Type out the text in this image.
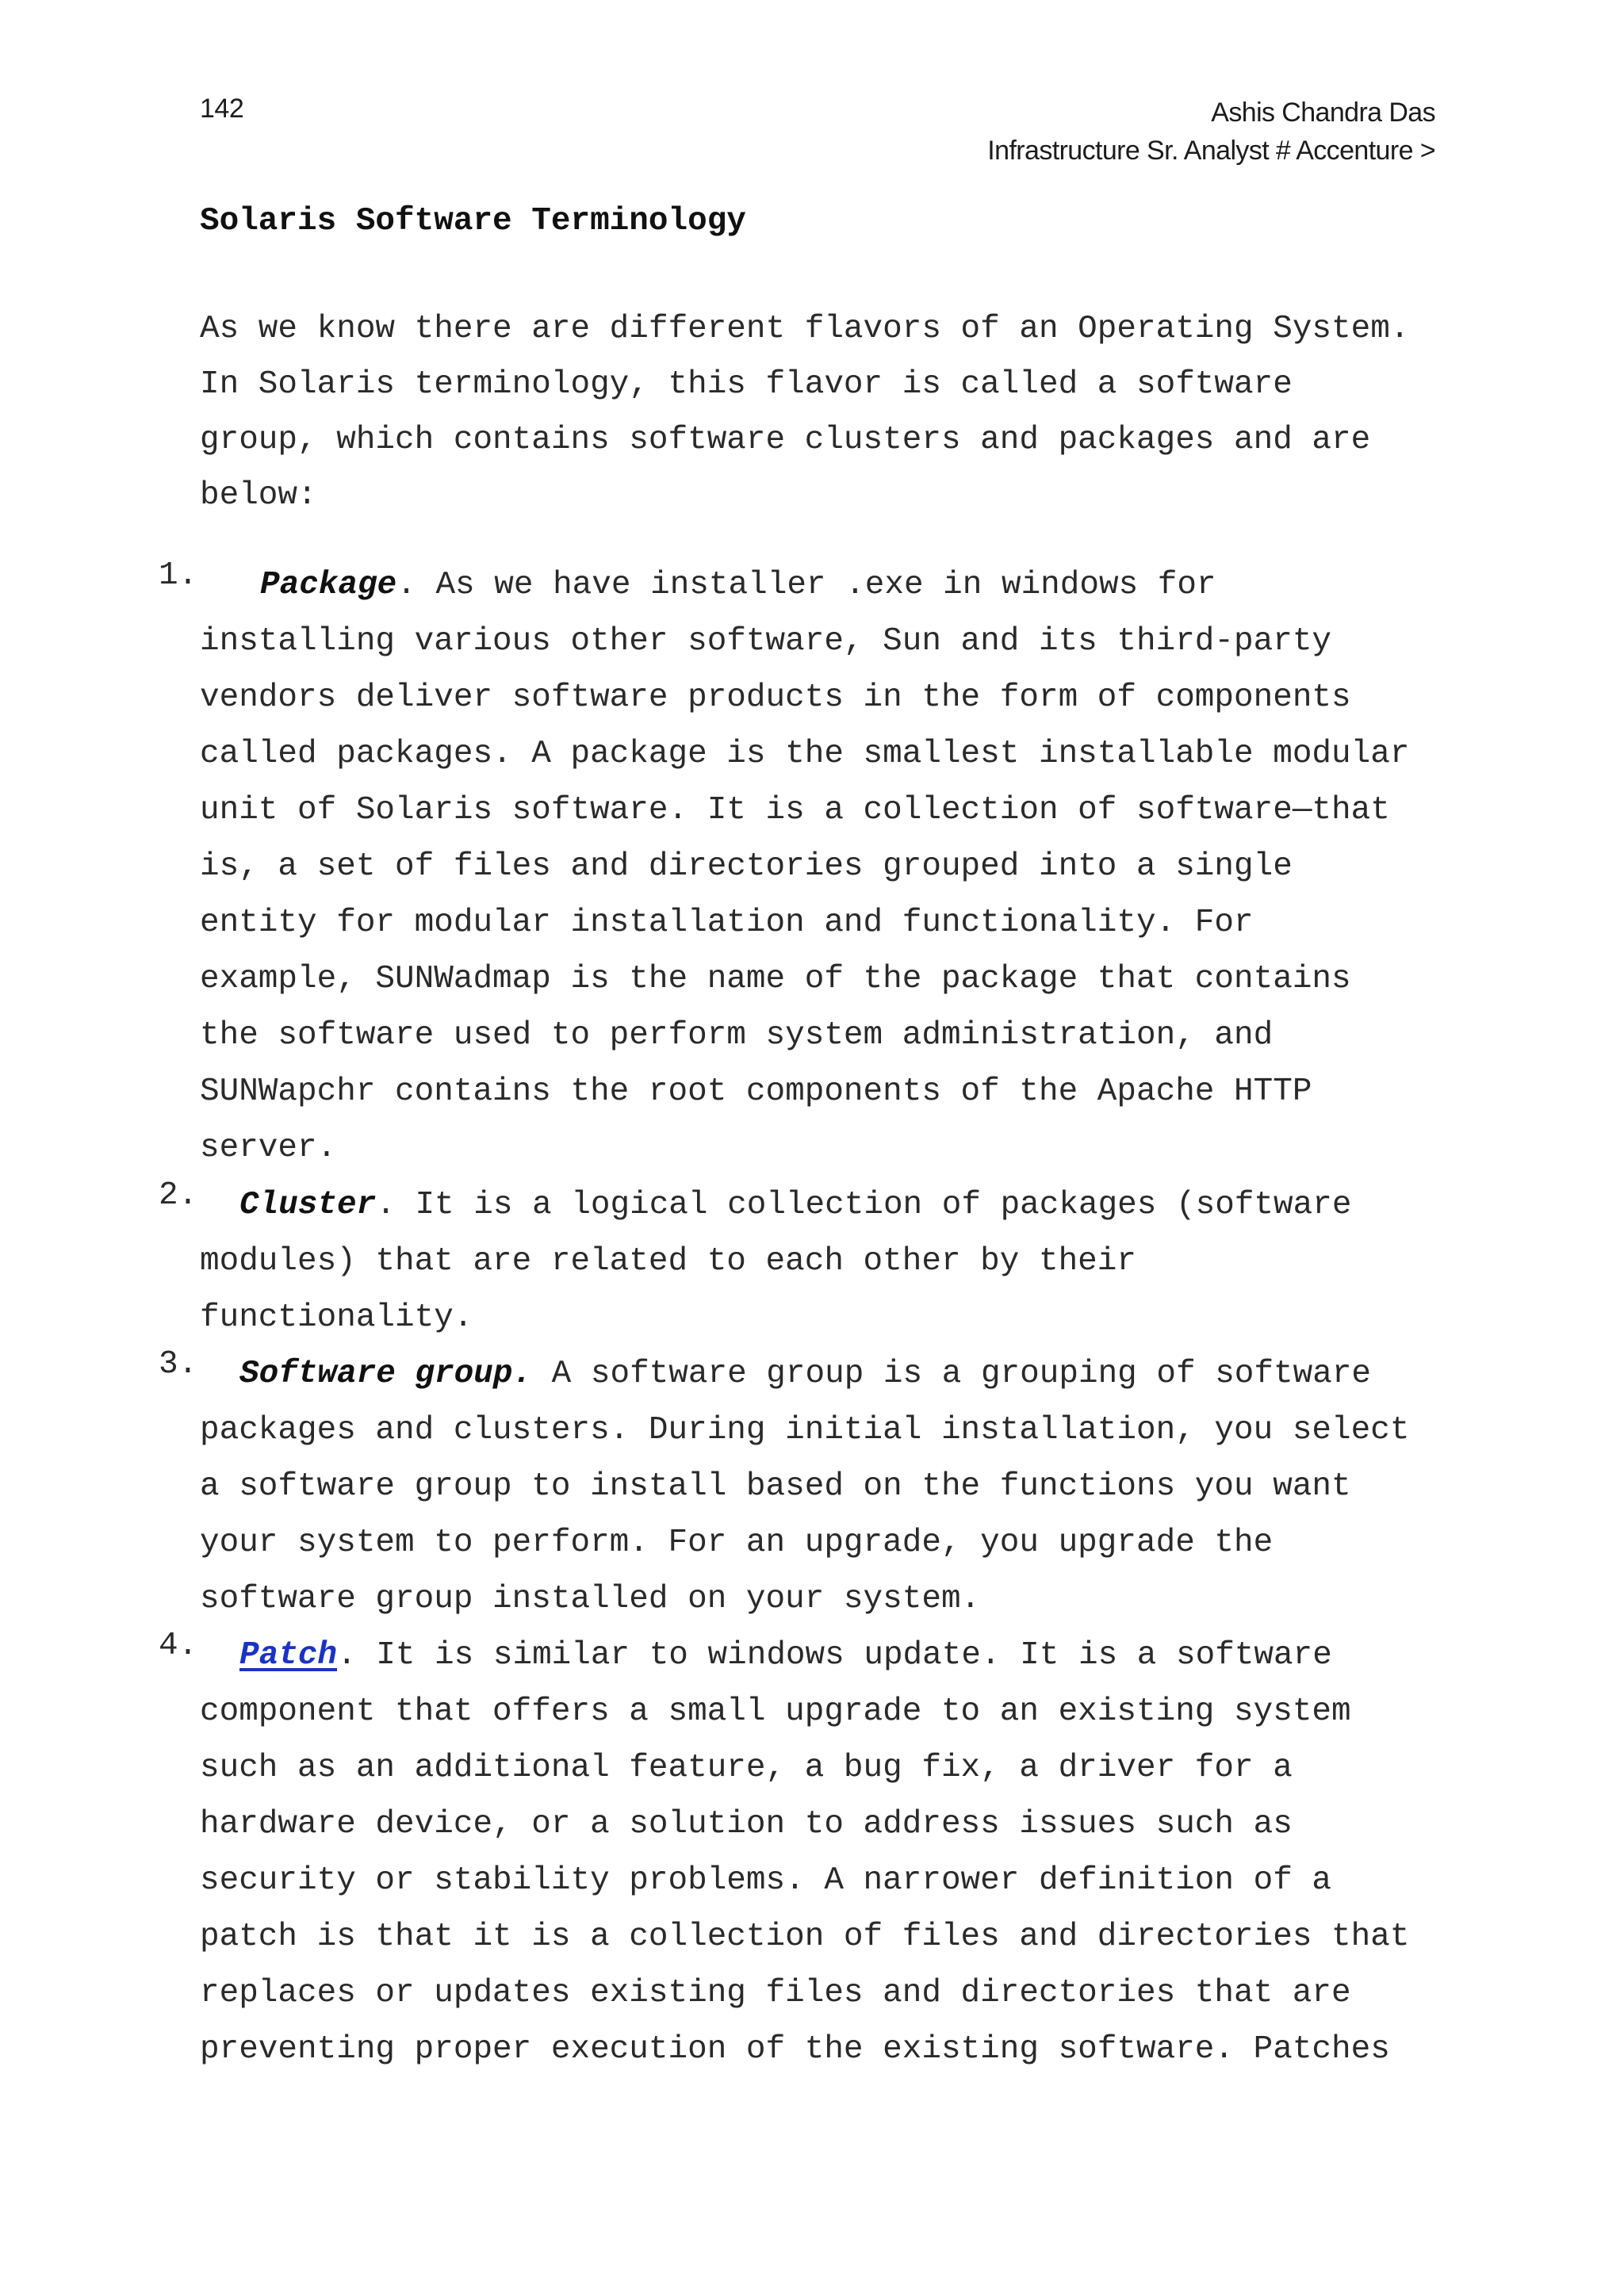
142	Ashis Chandra Das
Infrastructure Sr. Analyst # Accenture >
Solaris Software Terminology
As we know there are different flavors of an Operating System.
In Solaris terminology, this flavor is called a software
group, which contains software clusters and packages and are
below:
1.	Package. As we have installer .exe in windows for
installing various other software, Sun and its third-party
vendors deliver software products in the form of components
called packages. A package is the smallest installable modular
unit of Solaris software. It is a collection of software—that
is, a set of files and directories grouped into a single
entity for modular installation and functionality. For
example, SUNWadmap is the name of the package that contains
the software used to perform system administration, and
SUNWapchr contains the root components of the Apache HTTP
server.
2.	Cluster. It is a logical collection of packages (software
modules) that are related to each other by their
functionality.
3.	Software group. A software group is a grouping of software
packages and clusters. During initial installation, you select
a software group to install based on the functions you want
your system to perform. For an upgrade, you upgrade the
software group installed on your system.
4.	Patch. It is similar to windows update. It is a software
component that offers a small upgrade to an existing system
such as an additional feature, a bug fix, a driver for a
hardware device, or a solution to address issues such as
security or stability problems. A narrower definition of a
patch is that it is a collection of files and directories that
replaces or updates existing files and directories that are
preventing proper execution of the existing software. Patches
